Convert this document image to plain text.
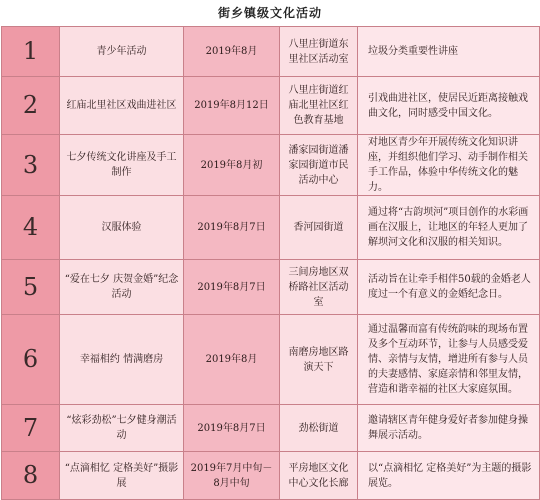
街乡镇级文化活动
1	青少年活动	2019年8月	八里庄街道东里社区活动室	垃圾分类重要性讲座
2	红庙北里社区戏曲进社区	2019年8月12日	八里庄街道红庙北里社区红色教育基地	引戏曲进社区，使居民近距离接触戏曲文化，同时感受中国文化。
3	七夕传统文化讲座及手工制作	2019年8月初	潘家园街道潘家园街道市民活动中心	对地区青少年开展传统文化知识讲座，并组织他们学习、动手制作相关手工作品，体验中华传统文化的魅力。
4	汉服体验	2019年8月7日	香河园街道	通过将“古韵坝河”项目创作的水彩画画在汉服上，让地区的年轻人更加了解坝河文化和汉服的相关知识。
5	“爱在七夕 庆贺金婚”纪念活动	2019年8月7日	三间房地区双桥路社区活动室	活动旨在让牵手相伴50载的金婚老人度过一个有意义的金婚纪念日。
6	幸福相约 情满磨房	2019年8月	南磨房地区路演天下	通过温馨而富有传统韵味的现场布置及多个互动环节，让参与人员感受爱情、亲情与友情，增进所有参与人员的夫妻感情、家庭亲情和邻里友情，营造和谐幸福的社区大家庭氛围。
7	“炫彩劲松”七夕健身潮活动	2019年8月7日	劲松街道	邀请辖区青年健身爱好者参加健身操舞展示活动。
8	“点滴相忆 定格美好”摄影展	2019年7月中旬－8月中旬	平房地区文化中心文化长廊	以“点滴相忆 定格美好”为主题的摄影展览。
